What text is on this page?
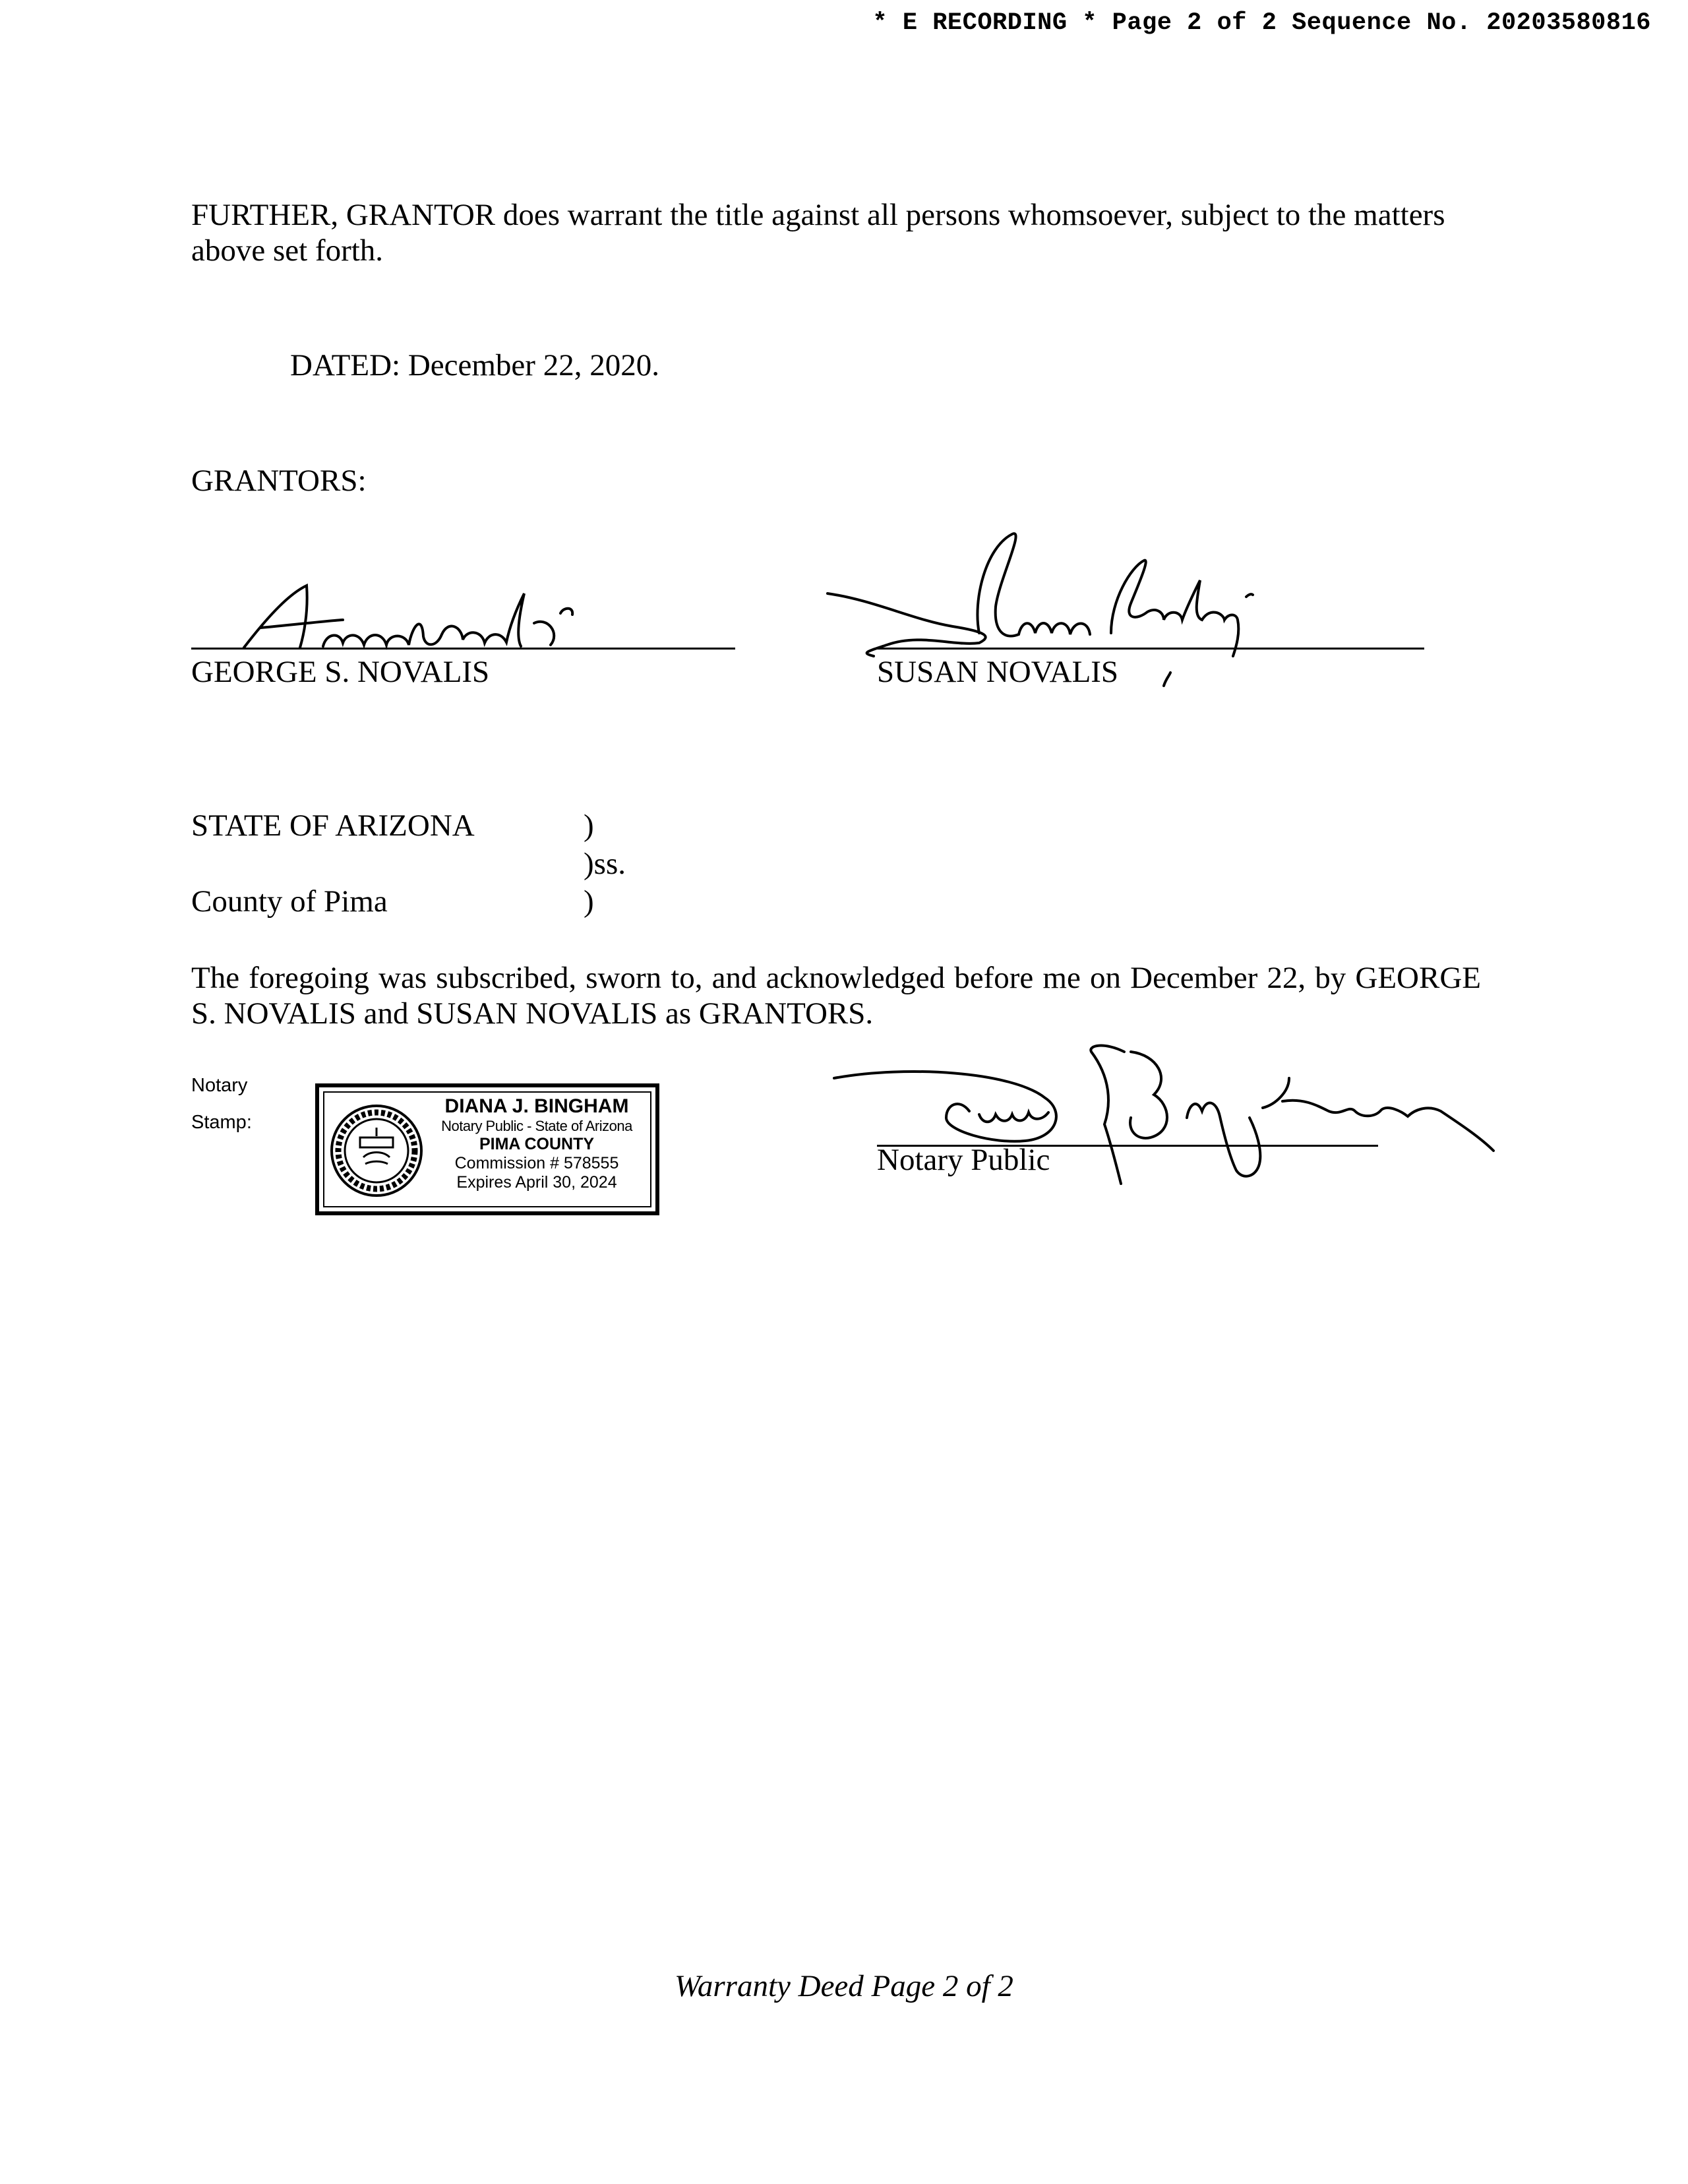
* E RECORDING * Page 2 of 2 Sequence No. 20203580816
FURTHER, GRANTOR does warrant the title against all persons whomsoever, subject to the matters above set forth.
DATED: December 22, 2020.
GRANTORS:
GEORGE S. NOVALIS	SUSAN NOVALIS
STATE OF ARIZONA	)
)ss.
County of Pima	)
The foregoing was subscribed, sworn to, and acknowledged before me on December 22, by GEORGE S. NOVALIS and SUSAN NOVALIS as GRANTORS.
Notary
Stamp:
DIANA J. BINGHAM
Notary Public - State of Arizona
PIMA COUNTY
Commission # 578555
Expires April 30, 2024
Notary Public
Warranty Deed Page 2 of 2
